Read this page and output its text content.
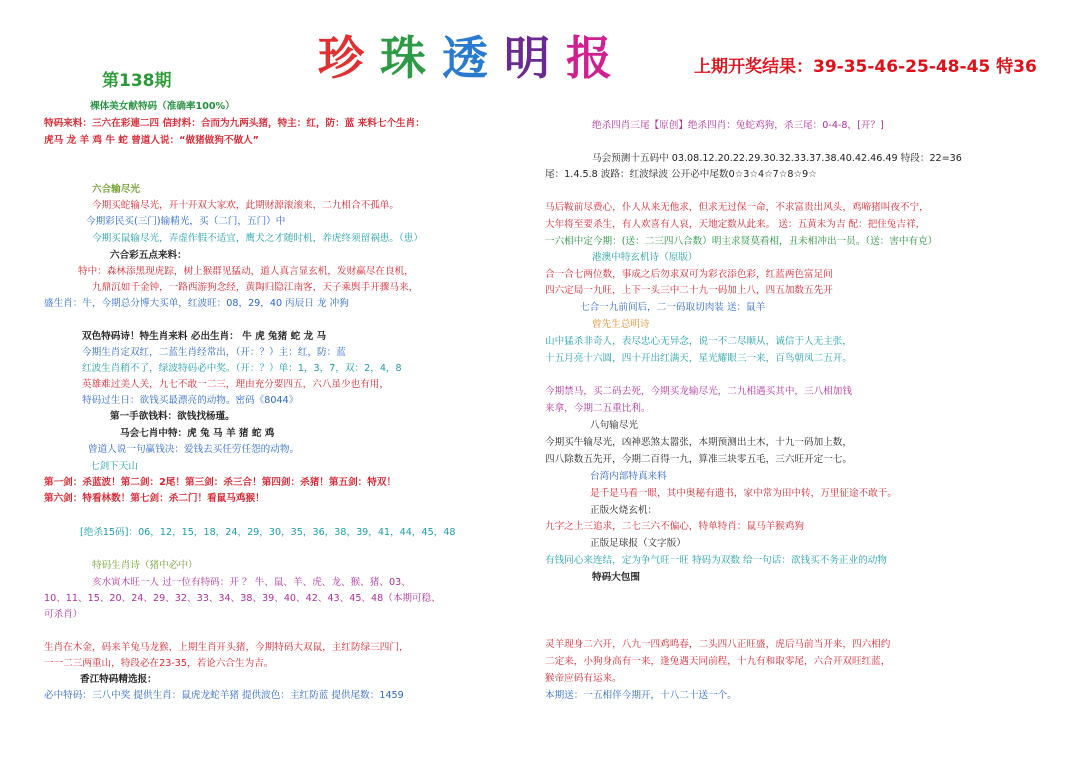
珍 珠 透 明 报	上期开奖结果：39-35-46-25-48-45 特36
第138期
裸体美女献特码（准确率100%）
特码来料：三六在彩連二四 信封料：合而为九两头猪，特主：红，防：蓝 来料七个生肖：
虎马 龙 羊 鸡 牛 蛇 曾道人说：“做猪做狗不做人”
六合输尽光
今期买蛇输尽光，开十开双大家欢，此期财源滚滚来，二九相合不孤单。
今期彩民买(三门)输精光，买（二门，五门）中
今期买鼠输尽光，弄虚作假不适宜，鹰犬之才随时机，养虎终须留祸患。（患）
六合彩五点来料：
特中：森林添黑现虎踪，树上猴群见猛动，道人真言显玄机，发财赢尽在良机，
九鼎沉如千金钟，一路西游狗念经，黄陶归隐江南客，天子乘舆手开骤马来，
盛生肖：牛，今期总分博大买单，红波旺：08，29，40 丙辰日 龙 冲狗
双色特码诗！特生肖来料 必出生肖： 牛 虎 兔猪 蛇 龙 马
今期生肖定双红，二蓝生肖经常出，（开：？）主：红，防：蓝
红波生肖稍不了，绿波特码必中奖。（开：？）单：1，3，7，双：2，4，8
英雄难过美人关，九七不敢一二三，理由充分要四五，六八虽少也有用，
特码过生日：欲钱买最漂亮的动物。密码《8044》
第一手欲钱料：欲钱找杨瑾。
马会七肖中特：虎 兔 马 羊 猪 蛇 鸡
曾道人说一句赢钱决：爱钱去买任劳任怨的动物。
七剑下天山
第一剑：杀蓝波！第二剑：2尾！第三剑：杀三合！第四剑：杀猪！第五剑：特双！
第六剑：特看林数！第七剑：杀二门！看鼠马鸡猴！
[绝杀15码]：06，12，15，18，24，29，30，35，36，38，39，41，44，45，48
特码生肖诗（猪中必中）
亥水寅木旺一人 过一位有特码：开 ？ 牛、鼠、羊、虎、龙、猴、猪、03、
10、11、15、20、24、29、32、33、34、38、39、40、42、43、45、48（本期可稳、
可杀肖）
生肖在木金，码来羊兔马龙猴，上期生肖开头猪，今期特码大双鼠，主红防绿三四门，
一一二三两重山，特段必在23-35，若论六合生为吉。
香江特码精选报：
必中特码：三八中奖 提供生肖：鼠虎龙蛇羊猪 提供波色：主红防蓝 提供尾数：1459
绝杀四肖三尾【原创】绝杀四肖：兔蛇鸡狗，杀三尾：0-4-8，[开？]
马会预测十五码中 03.08.12.20.22.29.30.32.33.37.38.40.42.46.49 特段：22=36
尾：1.4.5.8 波路：红波绿波 公开必中尾数0☆3☆4☆7☆8☆9☆
马后鞍前尽费心，仆人从来无他求，但求无过保一命，不求富贵出风头，鸡啼猪叫夜不宁，
大年将至要杀生，有人欢喜有人哀，天地定数从此来。 送：五黄未为吉 配：把住兔吉祥，
一六相中定今期：(送：二三四八合数）明主求贤莫看相，丑未相冲出一员。（送：害中有克）
港澳中特玄机诗（原版）
合一合七两位数，事成之后勿求双可为彩衣添色彩，红蓝两色富足间
四六定局一九旺，上下一头三中二十九一码加上八，四五加数五先开
七合一九前间后，二一码取切肉装 送：鼠羊
曾先生总明诗
山中猛杀非奇人，表尽忠心无异念，说一不二尽顺从，诚信于人无主张，
十五月亮十六圆，四十开出红满天，星光耀眼三一来，百鸟朝凤二五开。
今期禁马，买二码去死，今期买龙输尽光，二九相遇买其中，三八相加钱
来拿，今期二五重比利。
八句输尽光
今期买牛输尽光，凶神恶煞太嚣张，本期预测出土木，十九一码加上数，
四八除数五先开，今期二百得一九，算准三块零五毛，三六旺开定一七。
台湾内部特真来料
是千是马看一眼，其中奥秘有遗书，家中常为田中转，万里征途不敢干。
正版火烧玄机：
九字之上三追求，二七三六不偏心，特单特肖：鼠马羊猴鸡狗
正版足球报（文字版）
有钱同心来连结，定为争气旺一旺 特码为双数 给一句话：欲钱买不务正业的动物
特码大包围
灵羊现身二六开，八九一四鸡鸣春，二头四八正旺盛，虎后马前当开来，四六相约
二定来，小狗身高有一来，逢兔遇天同前程，十九有和取零尾，六合开双旺红蓝，
猴帝应码有运来。
本期送：一五相伴今期开，十八二十送一个。
